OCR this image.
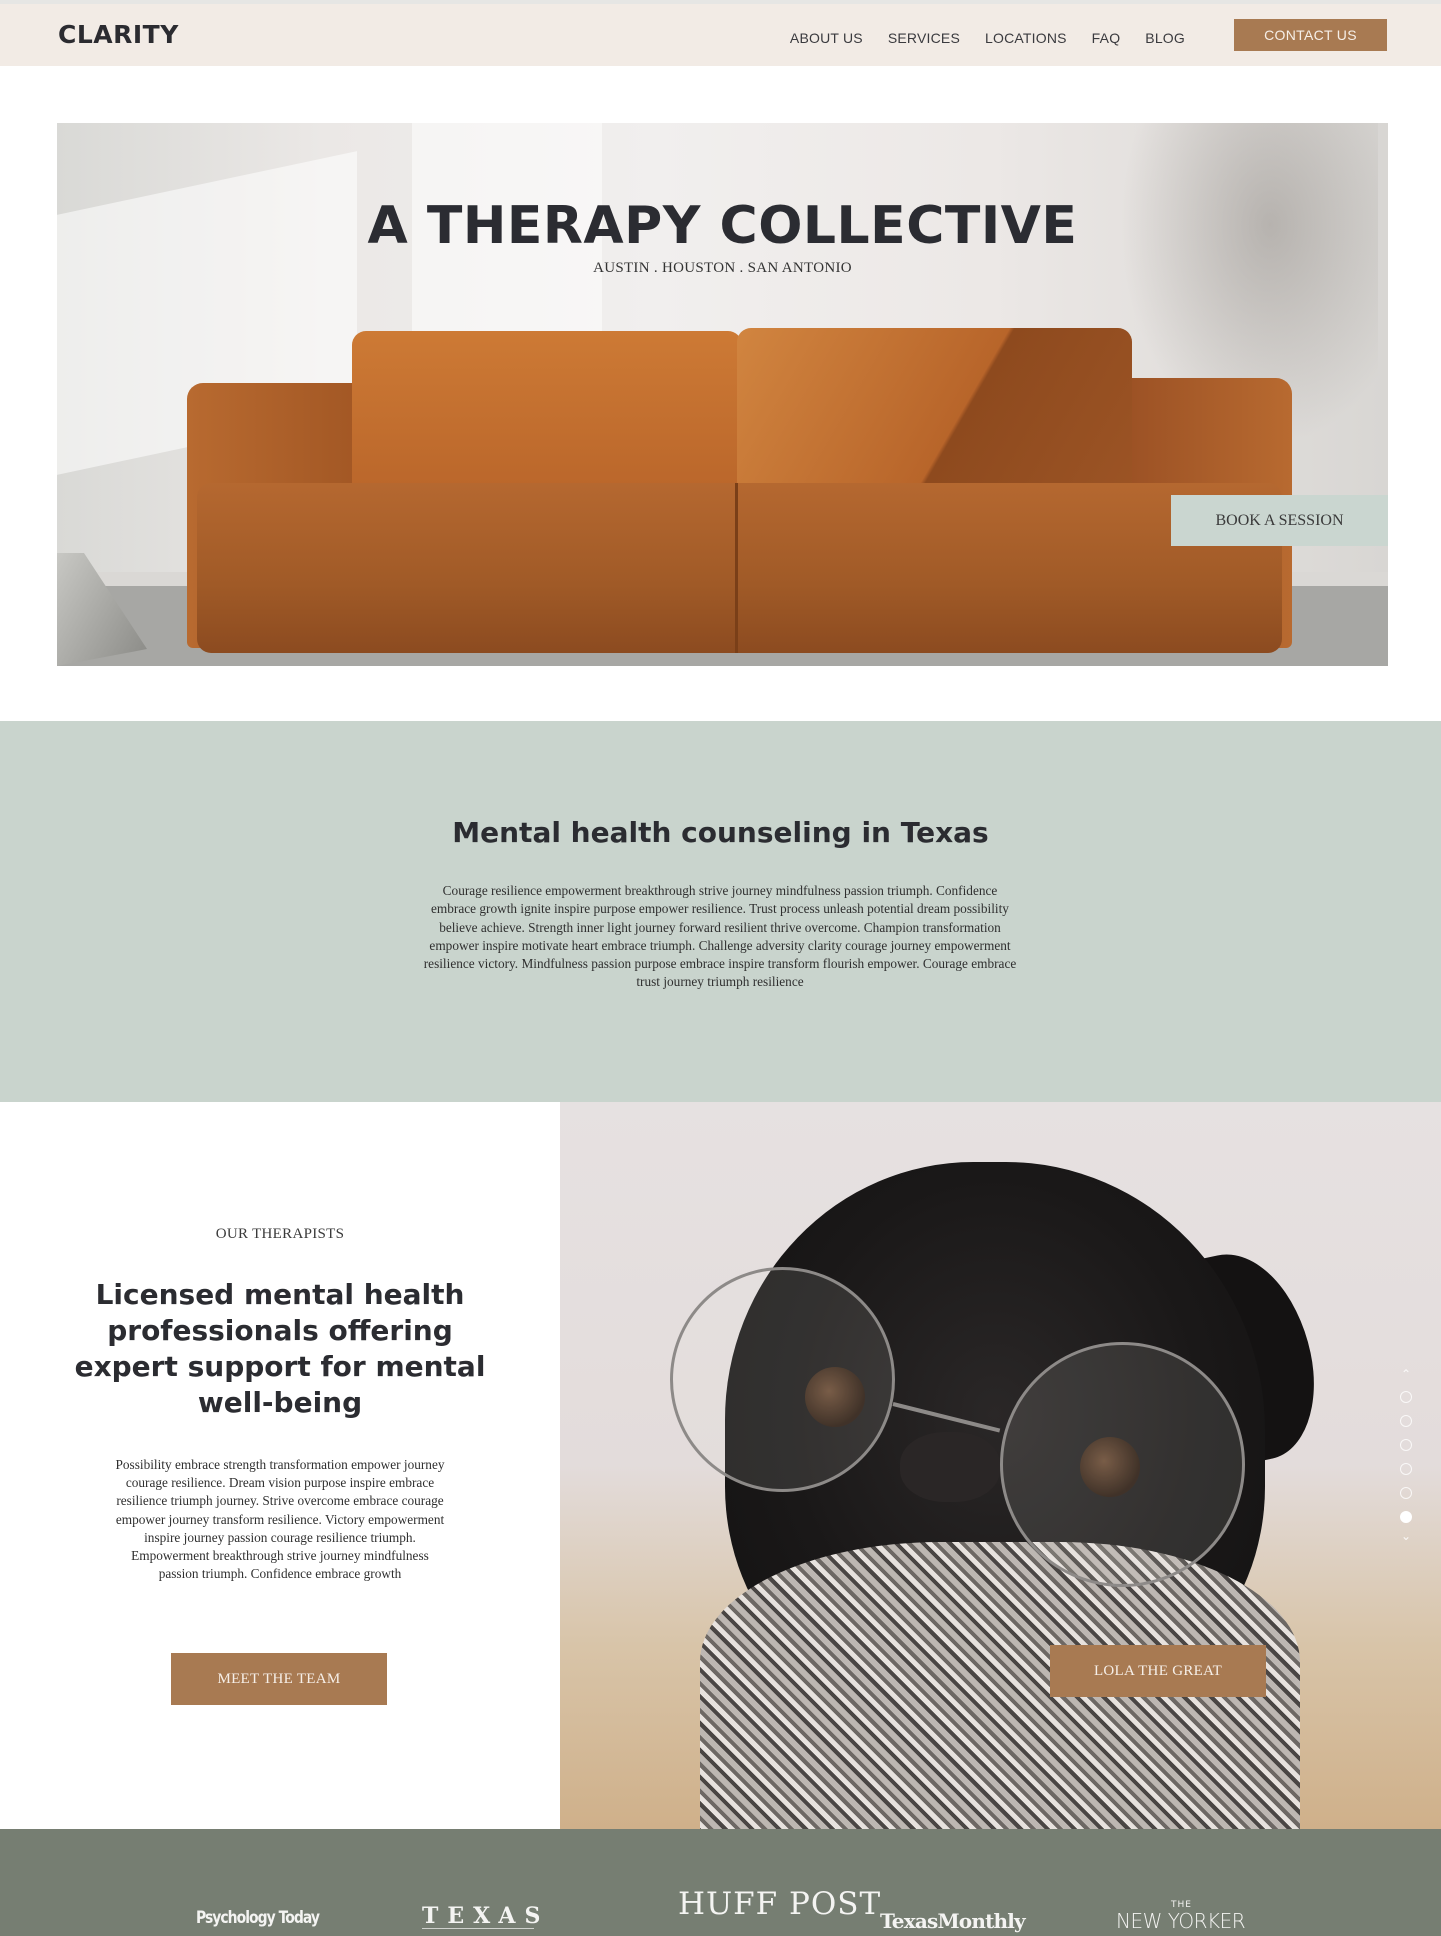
CLARITY	ABOUT US SERVICES LOCATIONS FAQ BLOG	CONTACT US
A THERAPY COLLECTIVE
AUSTIN . HOUSTON . SAN ANTONIO
BOOK A SESSION
Mental health counseling in Texas

Courage resilience empowerment breakthrough strive journey mindfulness passion triumph. Confidence embrace growth ignite inspire purpose empower resilience. Trust process unleash potential dream possibility believe achieve. Strength inner light journey forward resilient thrive overcome. Champion transformation empower inspire motivate heart embrace triumph. Challenge adversity clarity courage journey empowerment resilience victory. Mindfulness passion purpose embrace inspire transform flourish empower. Courage embrace trust journey triumph resilience

OUR THERAPISTS
Licensed mental health professionals offering expert support for mental well-being

Possibility embrace strength transformation empower journey courage resilience. Dream vision purpose inspire embrace resilience triumph journey. Strive overcome embrace courage empower journey transform resilience. Victory empowerment inspire journey passion courage resilience triumph. Empowerment breakthrough strive journey mindfulness passion triumph. Confidence embrace growth

MEET THE TEAM	LOLA THE GREAT
⌃
⌄
Psychology Today	TEXAS	HUFF POST
TexasMonthly
THE
NEW YORKER
